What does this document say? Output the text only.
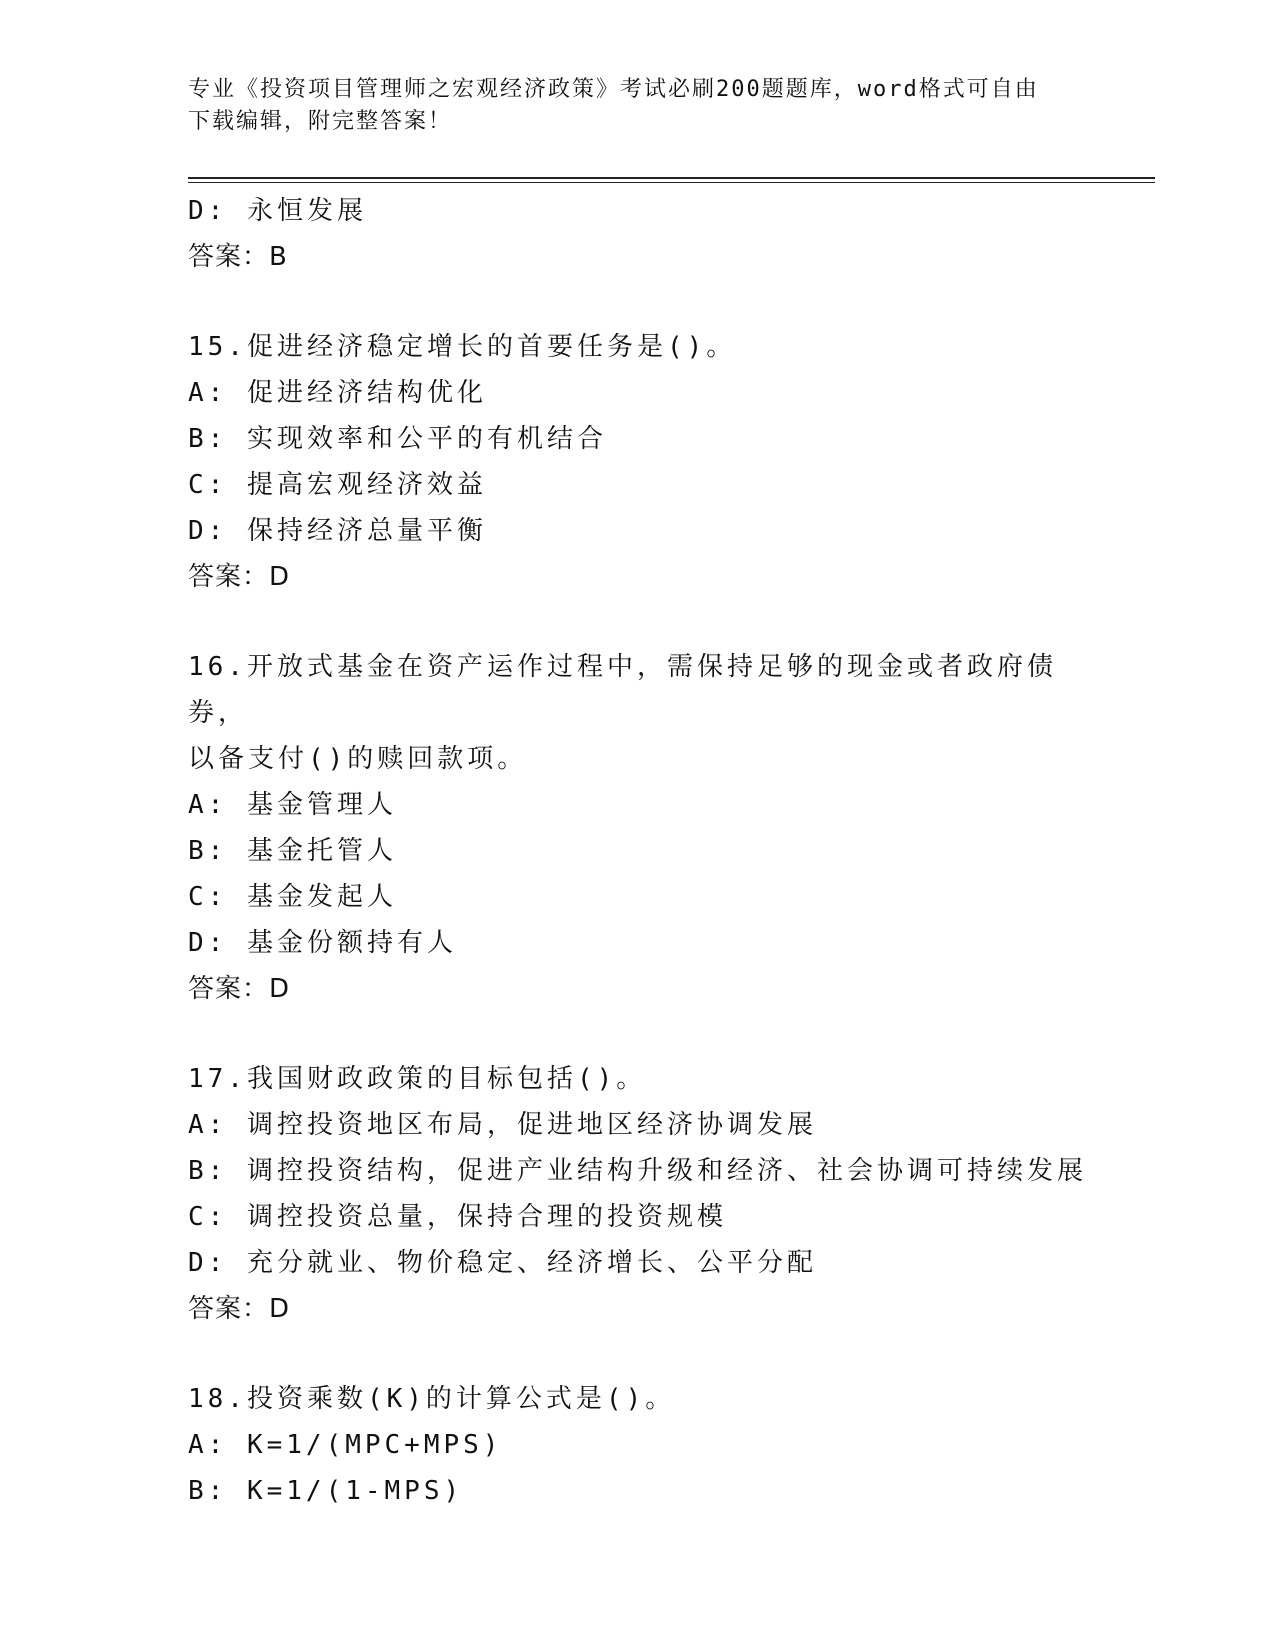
专业《投资项目管理师之宏观经济政策》考试必刷200题题库，word格式可自由
下载编辑，附完整答案！
D: 永恒发展
答案：B
15.促进经济稳定增长的首要任务是()。
A: 促进经济结构优化
B: 实现效率和公平的有机结合
C: 提高宏观经济效益
D: 保持经济总量平衡
答案：D
16.开放式基金在资产运作过程中，需保持足够的现金或者政府债券，
以备支付()的赎回款项。
A: 基金管理人
B: 基金托管人
C: 基金发起人
D: 基金份额持有人
答案：D
17.我国财政政策的目标包括()。
A: 调控投资地区布局，促进地区经济协调发展
B: 调控投资结构，促进产业结构升级和经济、社会协调可持续发展
C: 调控投资总量，保持合理的投资规模
D: 充分就业、物价稳定、经济增长、公平分配
答案：D
18.投资乘数(K)的计算公式是()。
A: K=1/(MPC+MPS)
B: K=1/(1-MPS)
